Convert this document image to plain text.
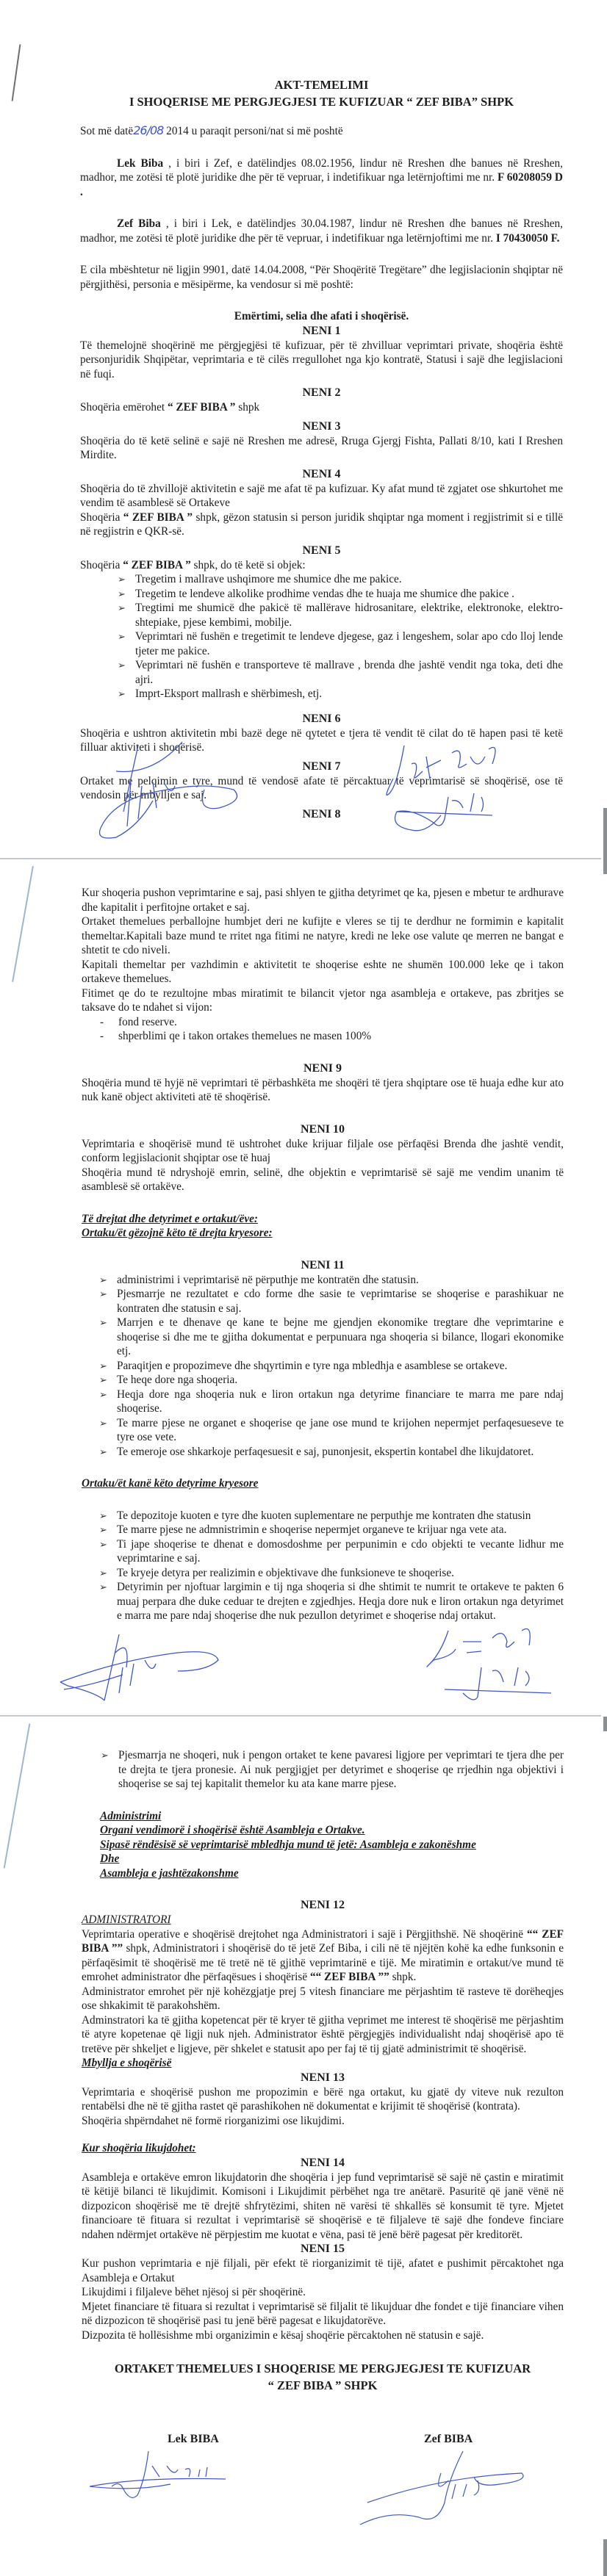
AKT-TEMELIMI
I SHOQERISE ME PERGJEGJESI TE KUFIZUAR “ ZEF BIBA” SHPK

Sot më datë26/08 2014 u paraqit personi/nat si më poshtë

Lek Biba , i biri i Zef, e datëlindjes 08.02.1956, lindur në Rreshen dhe banues në Rreshen, madhor, me zotësi të plotë juridike dhe për të vepruar, i indetifikuar nga letërnjoftimi me nr. F 60208059 D .

Zef Biba , i biri i Lek, e datëlindjes 30.04.1987, lindur në Rreshen dhe banues në Rreshen, madhor, me zotësi të plotë juridike dhe për të vepruar, i indetifikuar nga letërnjoftimi me nr. I 70430050 F.

E cila mbështetur në ligjin 9901, datë 14.04.2008, “Për Shoqëritë Tregëtare” dhe legjislacionin shqiptar në përgjithësi, personia e mësipërme, ka vendosur si më poshtë:

Emërtimi, selia dhe afati i shoqërisë.
NENI 1

Të themelojnë shoqërinë me përgjegjësi të kufizuar, për të zhvilluar veprimtari private, shoqëria është personjuridik Shqipëtar, veprimtaria e të cilës rregullohet nga kjo kontratë, Statusi i sajë dhe legjislacioni në fuqi.

NENI 2

Shoqëria emërohet “ ZEF BIBA ” shpk

NENI 3

Shoqëria do të ketë selinë e sajë në Rreshen me adresë, Rruga Gjergj Fishta, Pallati 8/10, kati I Rreshen Mirdite.

NENI 4

Shoqëria do të zhvillojë aktivitetin e sajë me afat të pa kufizuar. Ky afat mund të zgjatet ose shkurtohet me vendim të asamblesë së Ortakeve

Shoqëria “ ZEF BIBA ” shpk, gëzon statusin si person juridik shqiptar nga moment i regjistrimit si e tillë në regjistrin e QKR-së.

NENI 5

Shoqëria “ ZEF BIBA ” shpk, do të ketë si objek:

➢ Tregetim i mallrave ushqimore me shumice dhe me pakice.
➢ Tregetim te lendeve alkolike prodhime vendas dhe te huaja me shumice dhe pakice .
➢ Tregtimi me shumicë dhe pakicë të mallërave hidrosanitare, elektrike, elektronoke, elektro- shtepiake, pjese kembimi, mobilje.
➢ Veprimtari në fushën e tregetimit te lendeve djegese, gaz i lengeshem, solar apo cdo lloj lende tjeter me pakice.
➢ Veprimtari në fushën e transporteve të mallrave , brenda dhe jashtë vendit nga toka, deti dhe ajri.
➢ Imprt-Eksport mallrash e shërbimesh, etj.
NENI 6

Shoqëria e ushtron aktivitetin mbi bazë dege në qytetet e tjera të vendit të cilat do të hapen pasi të ketë filluar aktiviteti i shoqërisë.

NENI 7

Ortaket me pelqimin e tyre, mund të vendosë afate të përcaktuar të veprimtarisë së shoqërisë, ose të vendosin për mbylljen e saj.

NENI 8

Kur shoqeria pushon veprimtarine e saj, pasi shlyen te gjitha detyrimet qe ka, pjesen e mbetur te ardhurave dhe kapitalit i perfitojne ortaket e saj.

Ortaket themelues perballojne humbjet deri ne kufijte e vleres se tij te derdhur ne formimin e kapitalit themeltar.Kapitali baze mund te rritet nga fitimi ne natyre, kredi ne leke ose valute qe merren ne bangat e shtetit te cdo niveli.

Kapitali themeltar per vazhdimin e aktivitetit te shoqerise eshte ne shumën 100.000 leke qe i takon ortakeve themelues.

Fitimet qe do te rezultojne mbas miratimit te bilancit vjetor nga asambleja e ortakeve, pas zbritjes se taksave do te ndahet si vijon:

- fond reserve.
- shperblimi qe i takon ortakes themelues ne masen 100%
NENI 9

Shoqëria mund të hyjë në veprimtari të përbashkëta me shoqëri të tjera shqiptare ose të huaja edhe kur ato nuk kanë object aktiviteti atë të shoqërisë.

NENI 10

Veprimtaria e shoqërisë mund të ushtrohet duke krijuar filjale ose përfaqësi Brenda dhe jashtë vendit, conform legjislacionit shqiptar ose të huaj

Shoqëria mund të ndryshojë emrin, selinë, dhe objektin e veprimtarisë së sajë me vendim unanim të asamblesë së ortakëve.

Të drejtat dhe detyrimet e ortakut/ëve:
Ortaku/ët gëzojnë këto të drejta kryesore:
NENI 11
➢ administrimi i veprimtarisë në përputhje me kontratën dhe statusin.
➢ Pjesmarrje ne rezultatet e cdo forme dhe sasie te veprimtarise se shoqerise e parashikuar ne kontraten dhe statusin e saj.
➢ Marrjen e te dhenave qe kane te bejne me gjendjen ekonomike tregtare dhe veprimtarine e shoqerise si dhe me te gjitha dokumentat e perpunuara nga shoqeria si bilance, llogari ekonomike etj.
➢ Paraqitjen e propozimeve dhe shqyrtimin e tyre nga mbledhja e asamblese se ortakeve.
➢ Te heqe dore nga shoqeria.
➢ Heqja dore nga shoqeria nuk e liron ortakun nga detyrime financiare te marra me pare ndaj shoqerise.
➢ Te marre pjese ne organet e shoqerise qe jane ose mund te krijohen nepermjet perfaqesueseve te tyre ose vete.
➢ Te emeroje ose shkarkoje perfaqesuesit e saj, punonjesit, ekspertin kontabel dhe likujdatoret.
Ortaku/ët kanë këto detyrime kryesore
➢ Te depozitoje kuoten e tyre dhe kuoten suplementare ne perputhje me kontraten dhe statusin
➢ Te marre pjese ne admnistrimin e shoqerise nepermjet organeve te krijuar nga vete ata.
➢ Ti jape shoqerise te dhenat e domosdoshme per perpunimin e cdo objekti te vecante lidhur me veprimtarine e saj.
➢ Te kryeje detyra per realizimin e objektivave dhe funksioneve te shoqerise.
➢ Detyrimin per njoftuar largimin e tij nga shoqeria si dhe shtimit te numrit te ortakeve te pakten 6 muaj perpara dhe duke ceduar te drejten e zgjedhjes. Heqja dore nuk e liron ortakun nga detyrimet e marra me pare ndaj shoqerise dhe nuk pezullon detyrimet e shoqerise ndaj ortakut.
➢ Pjesmarrja ne shoqeri, nuk i pengon ortaket te kene pavaresi ligjore per veprimtari te tjera dhe per te drejta te tjera pronesie. Ai nuk pergjigjet per detyrimet e shoqerise qe rrjedhin nga objektivi i shoqerise se saj tej kapitalit themelor ku ata kane marre pjese.
Administrimi
Organi vendimorë i shoqërisë është Asambleja e Ortakve.
Sipasë rëndësisë së veprimtarisë mbledhja mund të jetë: Asambleja e zakonëshme
Dhe
Asambleja e jashtëzakonshme
NENI 12
ADMINISTRATORI

Veprimtaria operative e shoqërisë drejtohet nga Administratori i sajë i Përgjithshë. Në shoqërinë ““ ZEF BIBA ”” shpk, Administratori i shoqërisë do të jetë Zef Biba, i cili në të njëjtën kohë ka edhe funksonin e përfaqësimit të shoqërisë me të tretë në të gjithë veprimtarinë e tijë. Me miratimin e ortakut/ve mund të emrohet administrator dhe përfaqësues i shoqërisë ““ ZEF BIBA ”” shpk.

Administrator emrohet për një kohëzgjatje prej 5 vitesh financiare me përjashtim të rasteve të dorëheqjes ose shkakimit të parakohshëm.

Adminstratori ka të gjitha kopetencat për të kryer të gjitha veprimet me interest të shoqërisë me përjashtim të atyre kopetenae që ligji nuk njeh. Administrator është përgjegjës individualisht ndaj shoqërisë apo të tretëve për shkeljet e ligjeve, për shkelet e statusit apo per faj të tij gjatë administrimit të shoqërisë.

Mbyllja e shoqërisë
NENI 13

Veprimtaria e shoqërisë pushon me propozimin e bërë nga ortakut, ku gjatë dy viteve nuk rezulton rentabëlsi dhe në të gjitha rastet që parashikohen në dokumentat e krijimit të shoqërisë (kontrata).

Shoqëria shpërndahet në formë riorganizimi ose likujdimi.

Kur shoqëria likujdohet:
NENI 14

Asambleja e ortakëve emron likujdatorin dhe shoqëria i jep fund veprimtarisë së sajë në çastin e miratimit të këtijë bilanci të likujdimit. Komisoni i Likujdimit përbëhet nga tre anëtarë. Pasuritë që janë vënë në dizpozicon shoqërisë me të drejtë shfrytëzimi, shiten në varësi të shkallës së konsumit të tyre. Mjetet financioare të fituara si rezultat i veprimtarisë së shoqërisë e të filjaleve të sajë dhe fondeve finciare ndahen ndërmjet ortakëve në përpjestim me kuotat e vëna, pasi të jenë bërë pagesat për kreditorët.

NENI 15

Kur pushon veprimtaria e një filjali, për efekt të riorganizimit të tijë, afatet e pushimit përcaktohet nga Asambleja e Ortakut

Likujdimi i filjaleve bëhet njësoj si për shoqërinë.

Mjetet financiare të fituara si rezultat i veprimtarisë së filjalit të likujduar dhe fondet e tijë financiare vihen në dizpozicon të shoqërisë pasi tu jenë bërë pagesat e likujdatorëve.

Dizpozita të hollësishme mbi organizimin e kësaj shoqërie përcaktohen në statusin e sajë.

ORTAKET THEMELUES I SHOQERISE ME PERGJEGJESI TE KUFIZUAR
“ ZEF BIBA ” SHPK
Lek BIBA	Zef BIBA
